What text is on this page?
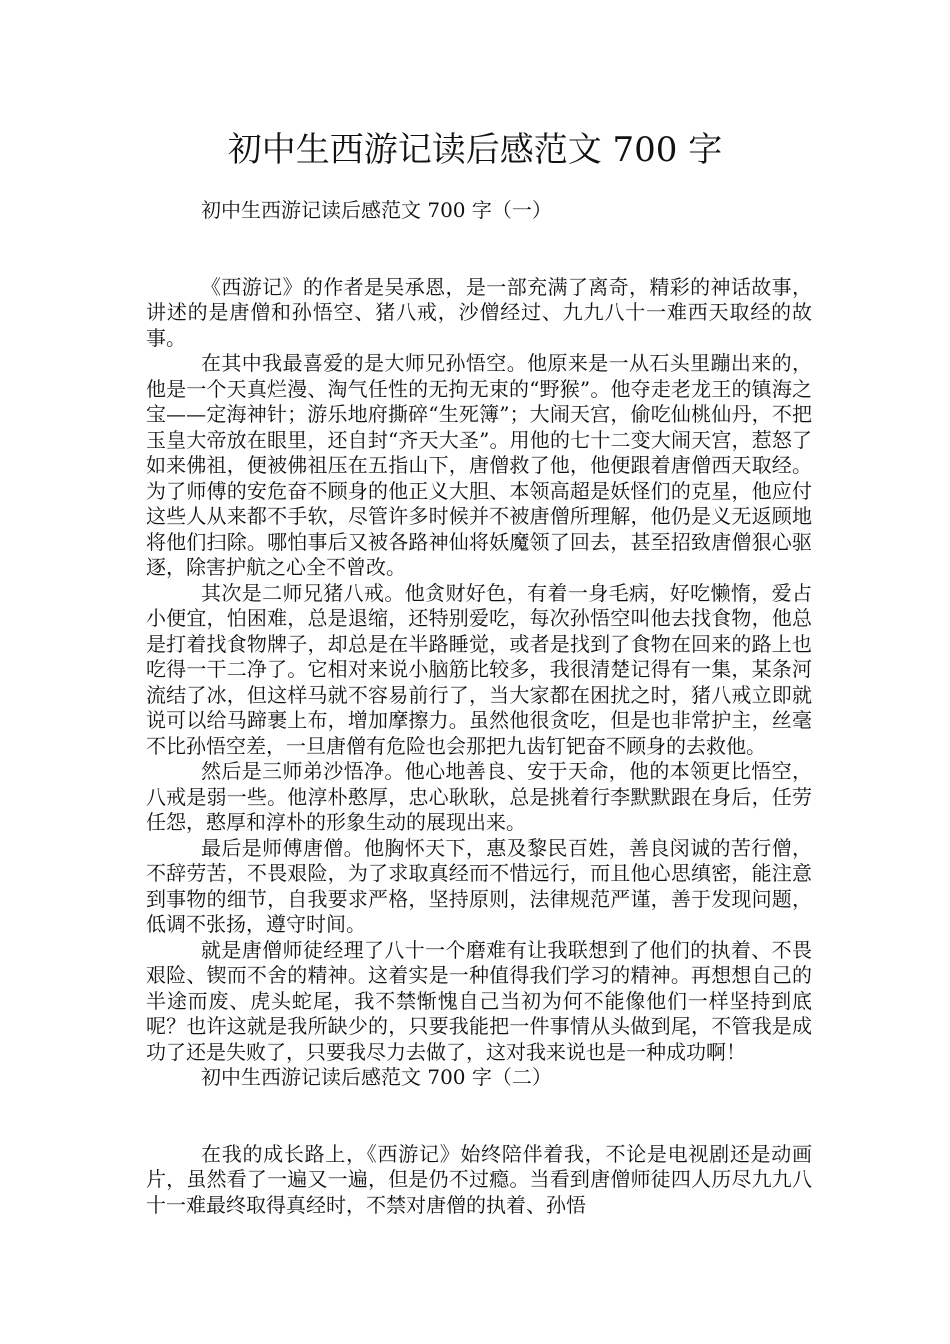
初中生西游记读后感范文 700 字

初中生西游记读后感范文 700 字（一）

《西游记》的作者是吴承恩，是一部充满了离奇，精彩的神话故事，讲述的是唐僧和孙悟空、猪八戒，沙僧经过、九九八十一难西天取经的故事。

在其中我最喜爱的是大师兄孙悟空。他原来是一从石头里蹦出来的，他是一个天真烂漫、淘气任性的无拘无束的“野猴”。他夺走老龙王的镇海之宝——定海神针；游乐地府撕碎“生死簿”；大闹天宫，偷吃仙桃仙丹，不把玉皇大帝放在眼里，还自封“齐天大圣”。用他的七十二变大闹天宫，惹怒了如来佛祖，便被佛祖压在五指山下，唐僧救了他，他便跟着唐僧西天取经。为了师傅的安危奋不顾身的他正义大胆、本领高超是妖怪们的克星，他应付这些人从来都不手软，尽管许多时候并不被唐僧所理解，他仍是义无返顾地将他们扫除。哪怕事后又被各路神仙将妖魔领了回去，甚至招致唐僧狠心驱逐，除害护航之心全不曾改。

其次是二师兄猪八戒。他贪财好色，有着一身毛病，好吃懒惰，爱占小便宜，怕困难，总是退缩，还特别爱吃，每次孙悟空叫他去找食物，他总是打着找食物牌子，却总是在半路睡觉，或者是找到了食物在回来的路上也吃得一干二净了。它相对来说小脑筋比较多，我很清楚记得有一集，某条河流结了冰，但这样马就不容易前行了，当大家都在困扰之时，猪八戒立即就说可以给马蹄裹上布，增加摩擦力。虽然他很贪吃，但是也非常护主，丝毫不比孙悟空差，一旦唐僧有危险也会那把九齿钉钯奋不顾身的去救他。

然后是三师弟沙悟净。他心地善良、安于天命，他的本领更比悟空，八戒是弱一些。他淳朴憨厚，忠心耿耿，总是挑着行李默默跟在身后，任劳任怨，憨厚和淳朴的形象生动的展现出来。

最后是师傅唐僧。他胸怀天下，惠及黎民百姓，善良闵诚的苦行僧，不辞劳苦，不畏艰险，为了求取真经而不惜远行，而且他心思缜密，能注意到事物的细节，自我要求严格，坚持原则，法律规范严谨，善于发现问题，低调不张扬，遵守时间。

就是唐僧师徒经理了八十一个磨难有让我联想到了他们的执着、不畏艰险、锲而不舍的精神。这着实是一种值得我们学习的精神。再想想自己的半途而废、虎头蛇尾，我不禁惭愧自己当初为何不能像他们一样坚持到底呢？也许这就是我所缺少的，只要我能把一件事情从头做到尾，不管我是成功了还是失败了，只要我尽力去做了，这对我来说也是一种成功啊！

初中生西游记读后感范文 700 字（二）

在我的成长路上，《西游记》始终陪伴着我，不论是电视剧还是动画片，虽然看了一遍又一遍，但是仍不过瘾。当看到唐僧师徒四人历尽九九八十一难最终取得真经时，不禁对唐僧的执着、孙悟
